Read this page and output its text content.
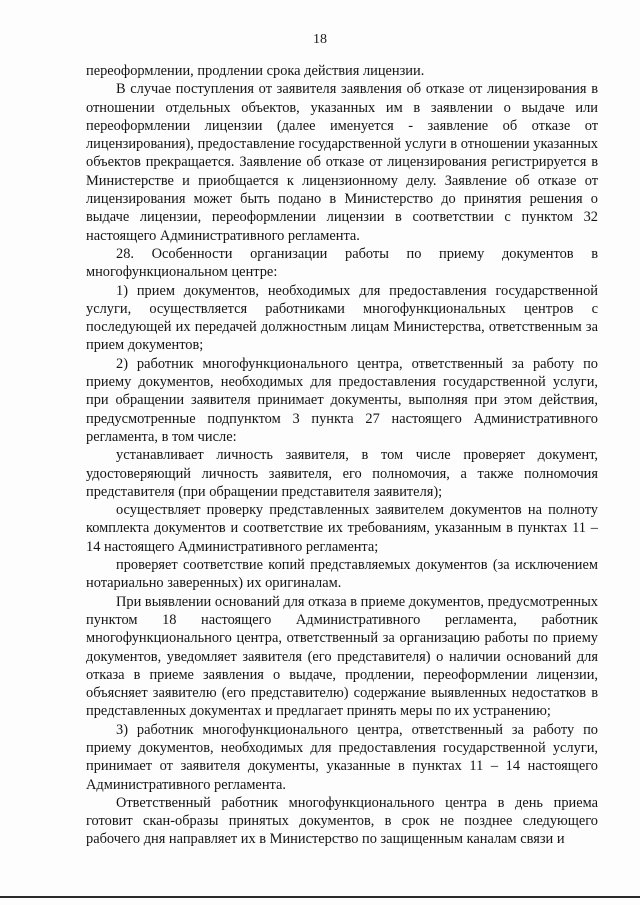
18

переоформлении, продлении срока действия лицензии.

В случае поступления от заявителя заявления об отказе от лицензирования в отношении отдельных объектов, указанных им в заявлении о выдаче или переоформлении лицензии (далее именуется - заявление об отказе от лицензирования), предоставление государственной услуги в отношении указанных объектов прекращается. Заявление об отказе от лицензирования регистрируется в Министерстве и приобщается к лицензионному делу. Заявление об отказе от лицензирования может быть подано в Министерство до принятия решения о выдаче лицензии, переоформлении лицензии в соответствии с пунктом 32 настоящего Административного регламента.

28. Особенности организации работы по приему документов в многофункциональном центре:

1) прием документов, необходимых для предоставления государственной услуги, осуществляется работниками многофункциональных центров с последующей их передачей должностным лицам Министерства, ответственным за прием документов;

2) работник многофункционального центра, ответственный за работу по приему документов, необходимых для предоставления государственной услуги, при обращении заявителя принимает документы, выполняя при этом действия, предусмотренные подпунктом 3 пункта 27 настоящего Административного регламента, в том числе:

устанавливает личность заявителя, в том числе проверяет документ, удостоверяющий личность заявителя, его полномочия, а также полномочия представителя (при обращении представителя заявителя);

осуществляет проверку представленных заявителем документов на полноту комплекта документов и соответствие их требованиям, указанным в пунктах 11 – 14 настоящего Административного регламента;

проверяет соответствие копий представляемых документов (за исключением нотариально заверенных) их оригиналам.

При выявлении оснований для отказа в приеме документов, предусмотренных пунктом 18 настоящего Административного регламента, работник многофункционального центра, ответственный за организацию работы по приему документов, уведомляет заявителя (его представителя) о наличии оснований для отказа в приеме заявления о выдаче, продлении, переоформлении лицензии, объясняет заявителю (его представителю) содержание выявленных недостатков в представленных документах и предлагает принять меры по их устранению;

3) работник многофункционального центра, ответственный за работу по приему документов, необходимых для предоставления государственной услуги, принимает от заявителя документы, указанные в пунктах 11 – 14 настоящего Административного регламента.

Ответственный работник многофункционального центра в день приема готовит скан-образы принятых документов, в срок не позднее следующего рабочего дня направляет их в Министерство по защищенным каналам связи и
